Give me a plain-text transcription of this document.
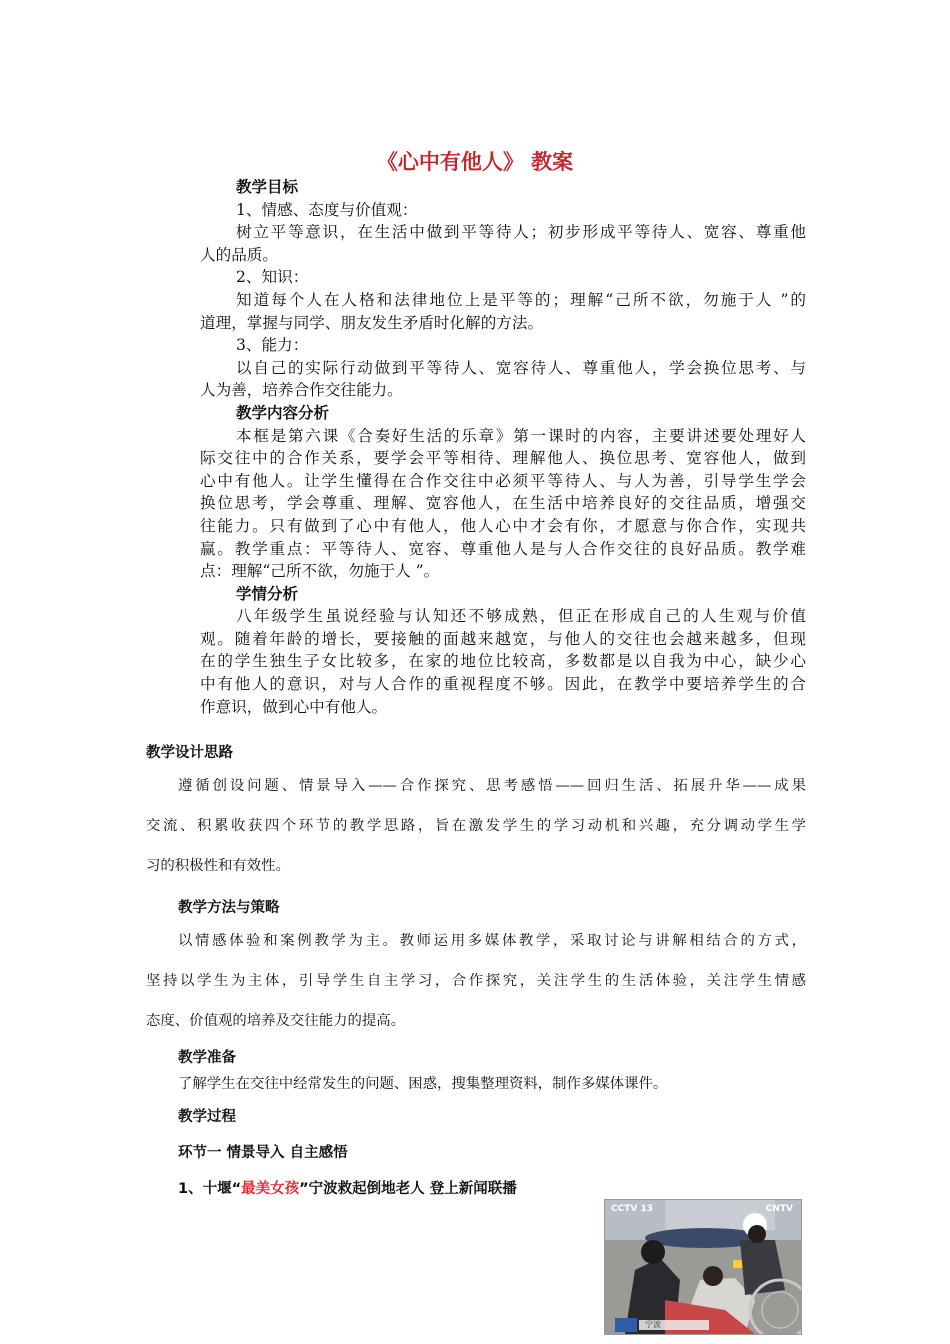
《心中有他人》 教案
教学目标
1、情感、态度与价值观：
树立平等意识，在生活中做到平等待人；初步形成平等待人、宽容、尊重他
人的品质。
2、知识：
知道每个人在人格和法律地位上是平等的；理解“己所不欲，勿施于人 ”的
道理，掌握与同学、朋友发生矛盾时化解的方法。
3、能力：
以自己的实际行动做到平等待人、宽容待人、尊重他人，学会换位思考、与
人为善，培养合作交往能力。
教学内容分析
本框是第六课《合奏好生活的乐章》第一课时的内容，主要讲述要处理好人
际交往中的合作关系，要学会平等相待、理解他人、换位思考、宽容他人，做到
心中有他人。让学生懂得在合作交往中必须平等待人、与人为善，引导学生学会
换位思考，学会尊重、理解、宽容他人，在生活中培养良好的交往品质，增强交
往能力。只有做到了心中有他人，他人心中才会有你，才愿意与你合作，实现共
赢。教学重点：平等待人、宽容、尊重他人是与人合作交往的良好品质。教学难
点：理解“己所不欲，勿施于人 ”。
学情分析
八年级学生虽说经验与认知还不够成熟，但正在形成自己的人生观与价值
观。随着年龄的增长，要接触的面越来越宽，与他人的交往也会越来越多，但现
在的学生独生子女比较多，在家的地位比较高，多数都是以自我为中心，缺少心
中有他人的意识，对与人合作的重视程度不够。因此，在教学中要培养学生的合
作意识，做到心中有他人。
教学设计思路
遵循创设问题、情景导入——合作探究、思考感悟——回归生活、拓展升华——成果
交流、积累收获四个环节的教学思路，旨在激发学生的学习动机和兴趣，充分调动学生学
习的积极性和有效性。
教学方法与策略
以情感体验和案例教学为主。教师运用多媒体教学，采取讨论与讲解相结合的方式，
坚持以学生为主体，引导学生自主学习，合作探究，关注学生的生活体验，关注学生情感
态度、价值观的培养及交往能力的提高。
教学准备
了解学生在交往中经常发生的问题、困惑，搜集整理资料，制作多媒体课件。
教学过程
环节一 情景导入 自主感悟
1、十堰“最美女孩”宁波救起倒地老人 登上新闻联播
CCTV 13	CNTV
宁波
